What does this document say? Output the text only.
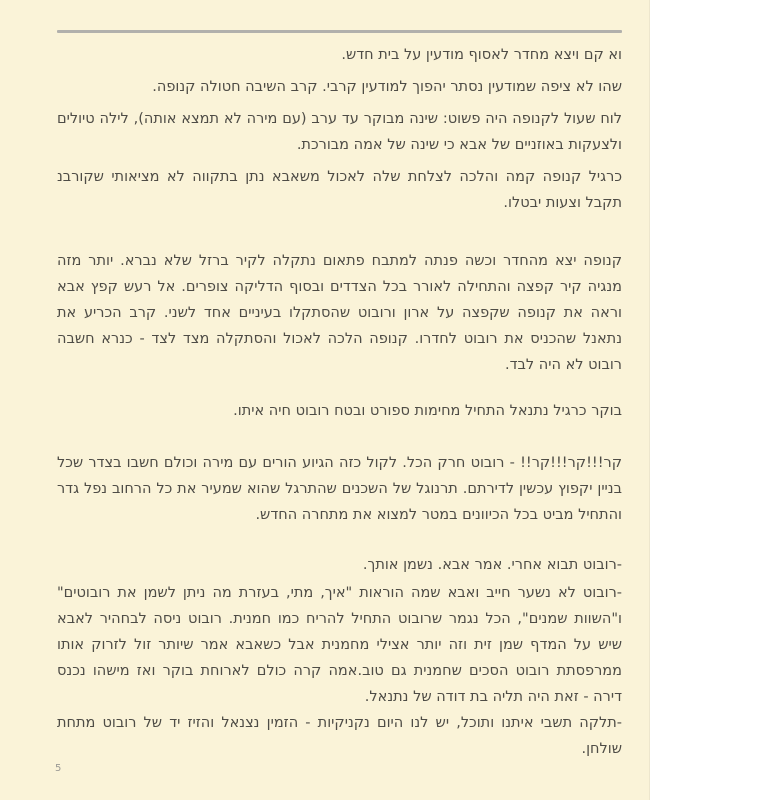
וא קם ויצא מחדר לאסוף מודעין על בית חדש.

שהו לא ציפה שמודעין נסתר יהפוך למודעין קרבי. קרב השיבה חטולה קנופה.

לוח שעול לקנופה היה פשוט: שינה מבוקר עד ערב (עם מירה לא תמצא אותה), לילה טיולים ולצעקות באוזניים של אבא כי שינה של אמה מבורכת.

כרגיל קנופה קמה והלכה לצלחת שלה לאכול משאבא נתן בתקווה לא מציאותי שקורבנ תקבל וצעות יבטלו.

קנופה יצא מהחדר וכשה פנתה למתבח פתאום נתקלה לקיר ברזל שלא נברא. יותר מזה מנגיה קיר קפצה והתחילה לאורר בכל הצדדים ובסוף הדליקה צופרים. אל רעש קפץ אבא וראה את קנופה שקפצה על ארון ורובוט שהסתקלו בעיניים אחד לשני. קרב הכריע את נתאנל שהכניס את רובוט לחדרו. קנופה הלכה לאכול והסתקלה מצד לצד - כנרא חשבה רובוט לא היה לבד.

בוקר כרגיל נתנאל התחיל מחימות ספורט ובטח רובוט חיה איתו.

קר!!!קר!!!קר!! - רובוט חרק הכל. לקול כזה הגיוע הורים עם מירה וכולם חשבו בצדר שכל בניין יקפוץ עכשין לדירתם. תרנוגל של השכנים שהתרגל שהוא שמעיר את כל הרחוב נפל גדר והתחיל מביט בכל הכיוונים במטר למצוא את מתחרה החדש.

-רובוט תבוא אחרי. אמר אבא. נשמן אותך.

-רובוט לא נשער חייב ואבא שמה הוראות "איך, מתי, בעזרת מה ניתן לשמן את רובוטים" ו"השוות שמנים", הכל נגמר שרובוט התחיל להריח כמו חמנית. רובוט ניסה לבחהיר לאבא שיש על המדף שמן זית וזה יותר אצילי מחמנית אבל כשאבא אמר שיותר זול לזרוק אותו ממרפסתת רובוט הסכים שחמנית גם טוב.אמה קרה כולם לארוחת בוקר ואז מישהו נכנס דירה - זאת היה תליה בת דודה של נתנאל.

-תלקה תשבי איתנו ותוכל, יש לנו היום נקניקיות - הזמין נצנאל והזיז יד של רובוט מתחת שולחן.

5
